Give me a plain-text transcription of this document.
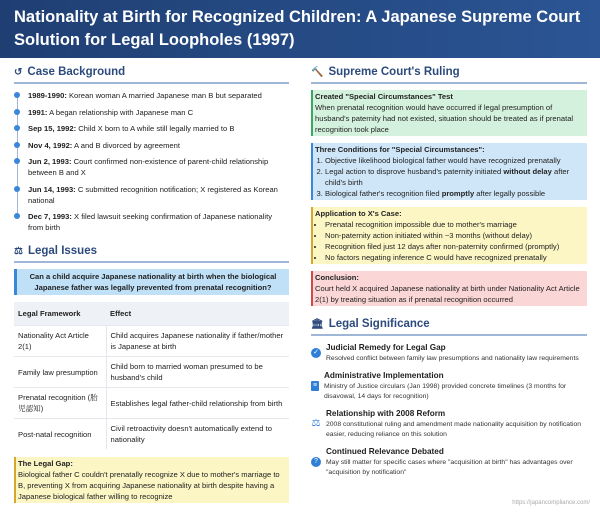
Nationality at Birth for Recognized Children: A Japanese Supreme Court Solution for Legal Loopholes (1997)
↺ Case Background
1989-1990: Korean woman A married Japanese man B but separated
1991: A began relationship with Japanese man C
Sep 15, 1992: Child X born to A while still legally married to B
Nov 4, 1992: A and B divorced by agreement
Jun 2, 1993: Court confirmed non-existence of parent-child relationship between B and X
Jun 14, 1993: C submitted recognition notification; X registered as Korean national
Dec 7, 1993: X filed lawsuit seeking confirmation of Japanese nationality from birth
⚖ Legal Issues
Can a child acquire Japanese nationality at birth when the biological Japanese father was legally prevented from prenatal recognition?
Legal Framework	Effect
Nationality Act Article 2(1)	Child acquires Japanese nationality if father/mother is Japanese at birth
Family law presumption	Child born to married woman presumed to be husband's child
Prenatal recognition (胎児認知)	Establishes legal father-child relationship from birth
Post-natal recognition	Civil retroactivity doesn't automatically extend to nationality
The Legal Gap:
Biological father C couldn't prenatally recognize X due to mother's marriage to B, preventing X from acquiring Japanese nationality at birth despite having a Japanese biological father willing to recognize
🔨 Supreme Court's Ruling
Created "Special Circumstances" Test
When prenatal recognition would have occurred if legal presumption of husband's paternity had not existed, situation should be treated as if prenatal recognition took place
Three Conditions for "Special Circumstances":
1. Objective likelihood biological father would have recognized prenatally
2. Legal action to disprove husband's paternity initiated without delay after child's birth
3. Biological father's recognition filed promptly after legally possible
Application to X's Case:
• Prenatal recognition impossible due to mother's marriage
• Non-paternity action initiated within ~3 months (without delay)
• Recognition filed just 12 days after non-paternity confirmed (promptly)
• No factors negating inference C would have recognized prenatally
Conclusion:
Court held X acquired Japanese nationality at birth under Nationality Act Article 2(1) by treating situation as if prenatal recognition occurred
🏛 Legal Significance
✓
Judicial Remedy for Legal Gap
Resolved conflict between family law presumptions and nationality law requirements
≡
Administrative Implementation
Ministry of Justice circulars (Jan 1998) provided concrete timelines (3 months for disavowal, 14 days for recognition)
⚖
Relationship with 2008 Reform
2008 constitutional ruling and amendment made nationality acquisition by notification easier, reducing reliance on this solution
?
Continued Relevance Debated
May still matter for specific cases where "acquisition at birth" has advantages over "acquisition by notification"
https://japancompliance.com/
